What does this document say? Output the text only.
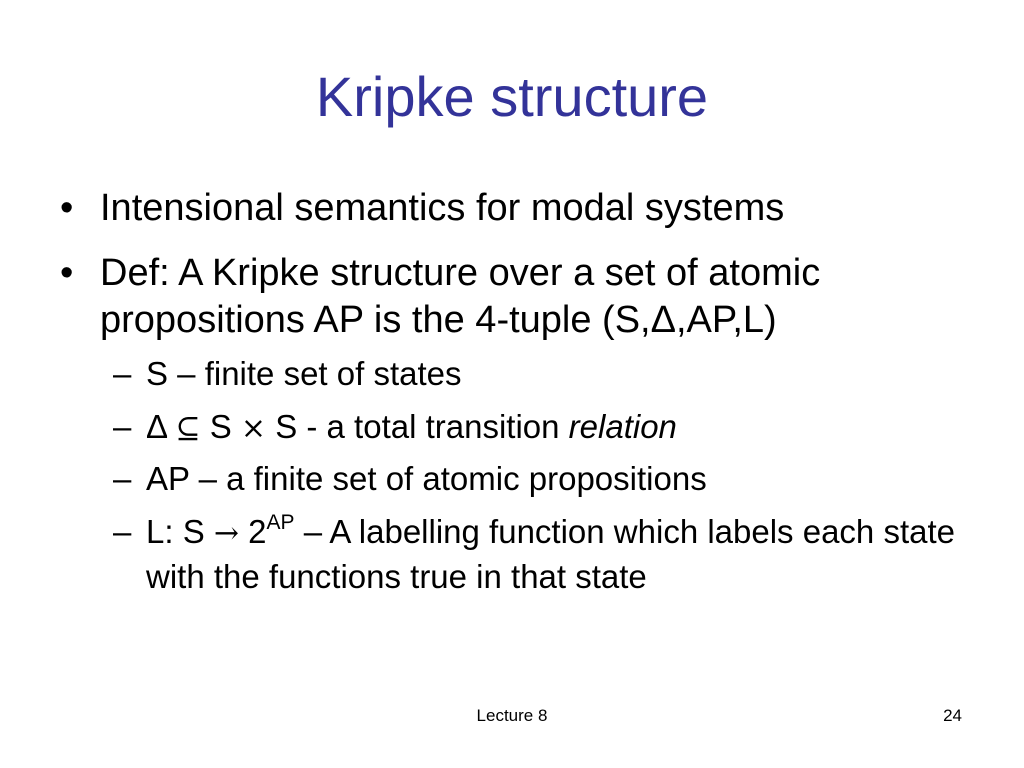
Kripke structure
• Intensional semantics for modal systems
• Def: A Kripke structure over a set of atomic propositions AP is the 4-tuple (S,Δ,AP,L)
– S – finite set of states
– Δ ⊆ S × S - a total transition relation
– AP – a finite set of atomic propositions
– L: $S \to 2^{AP} - A$ labelling function which labels each state with the functions true in that state
Lecture 8	24
